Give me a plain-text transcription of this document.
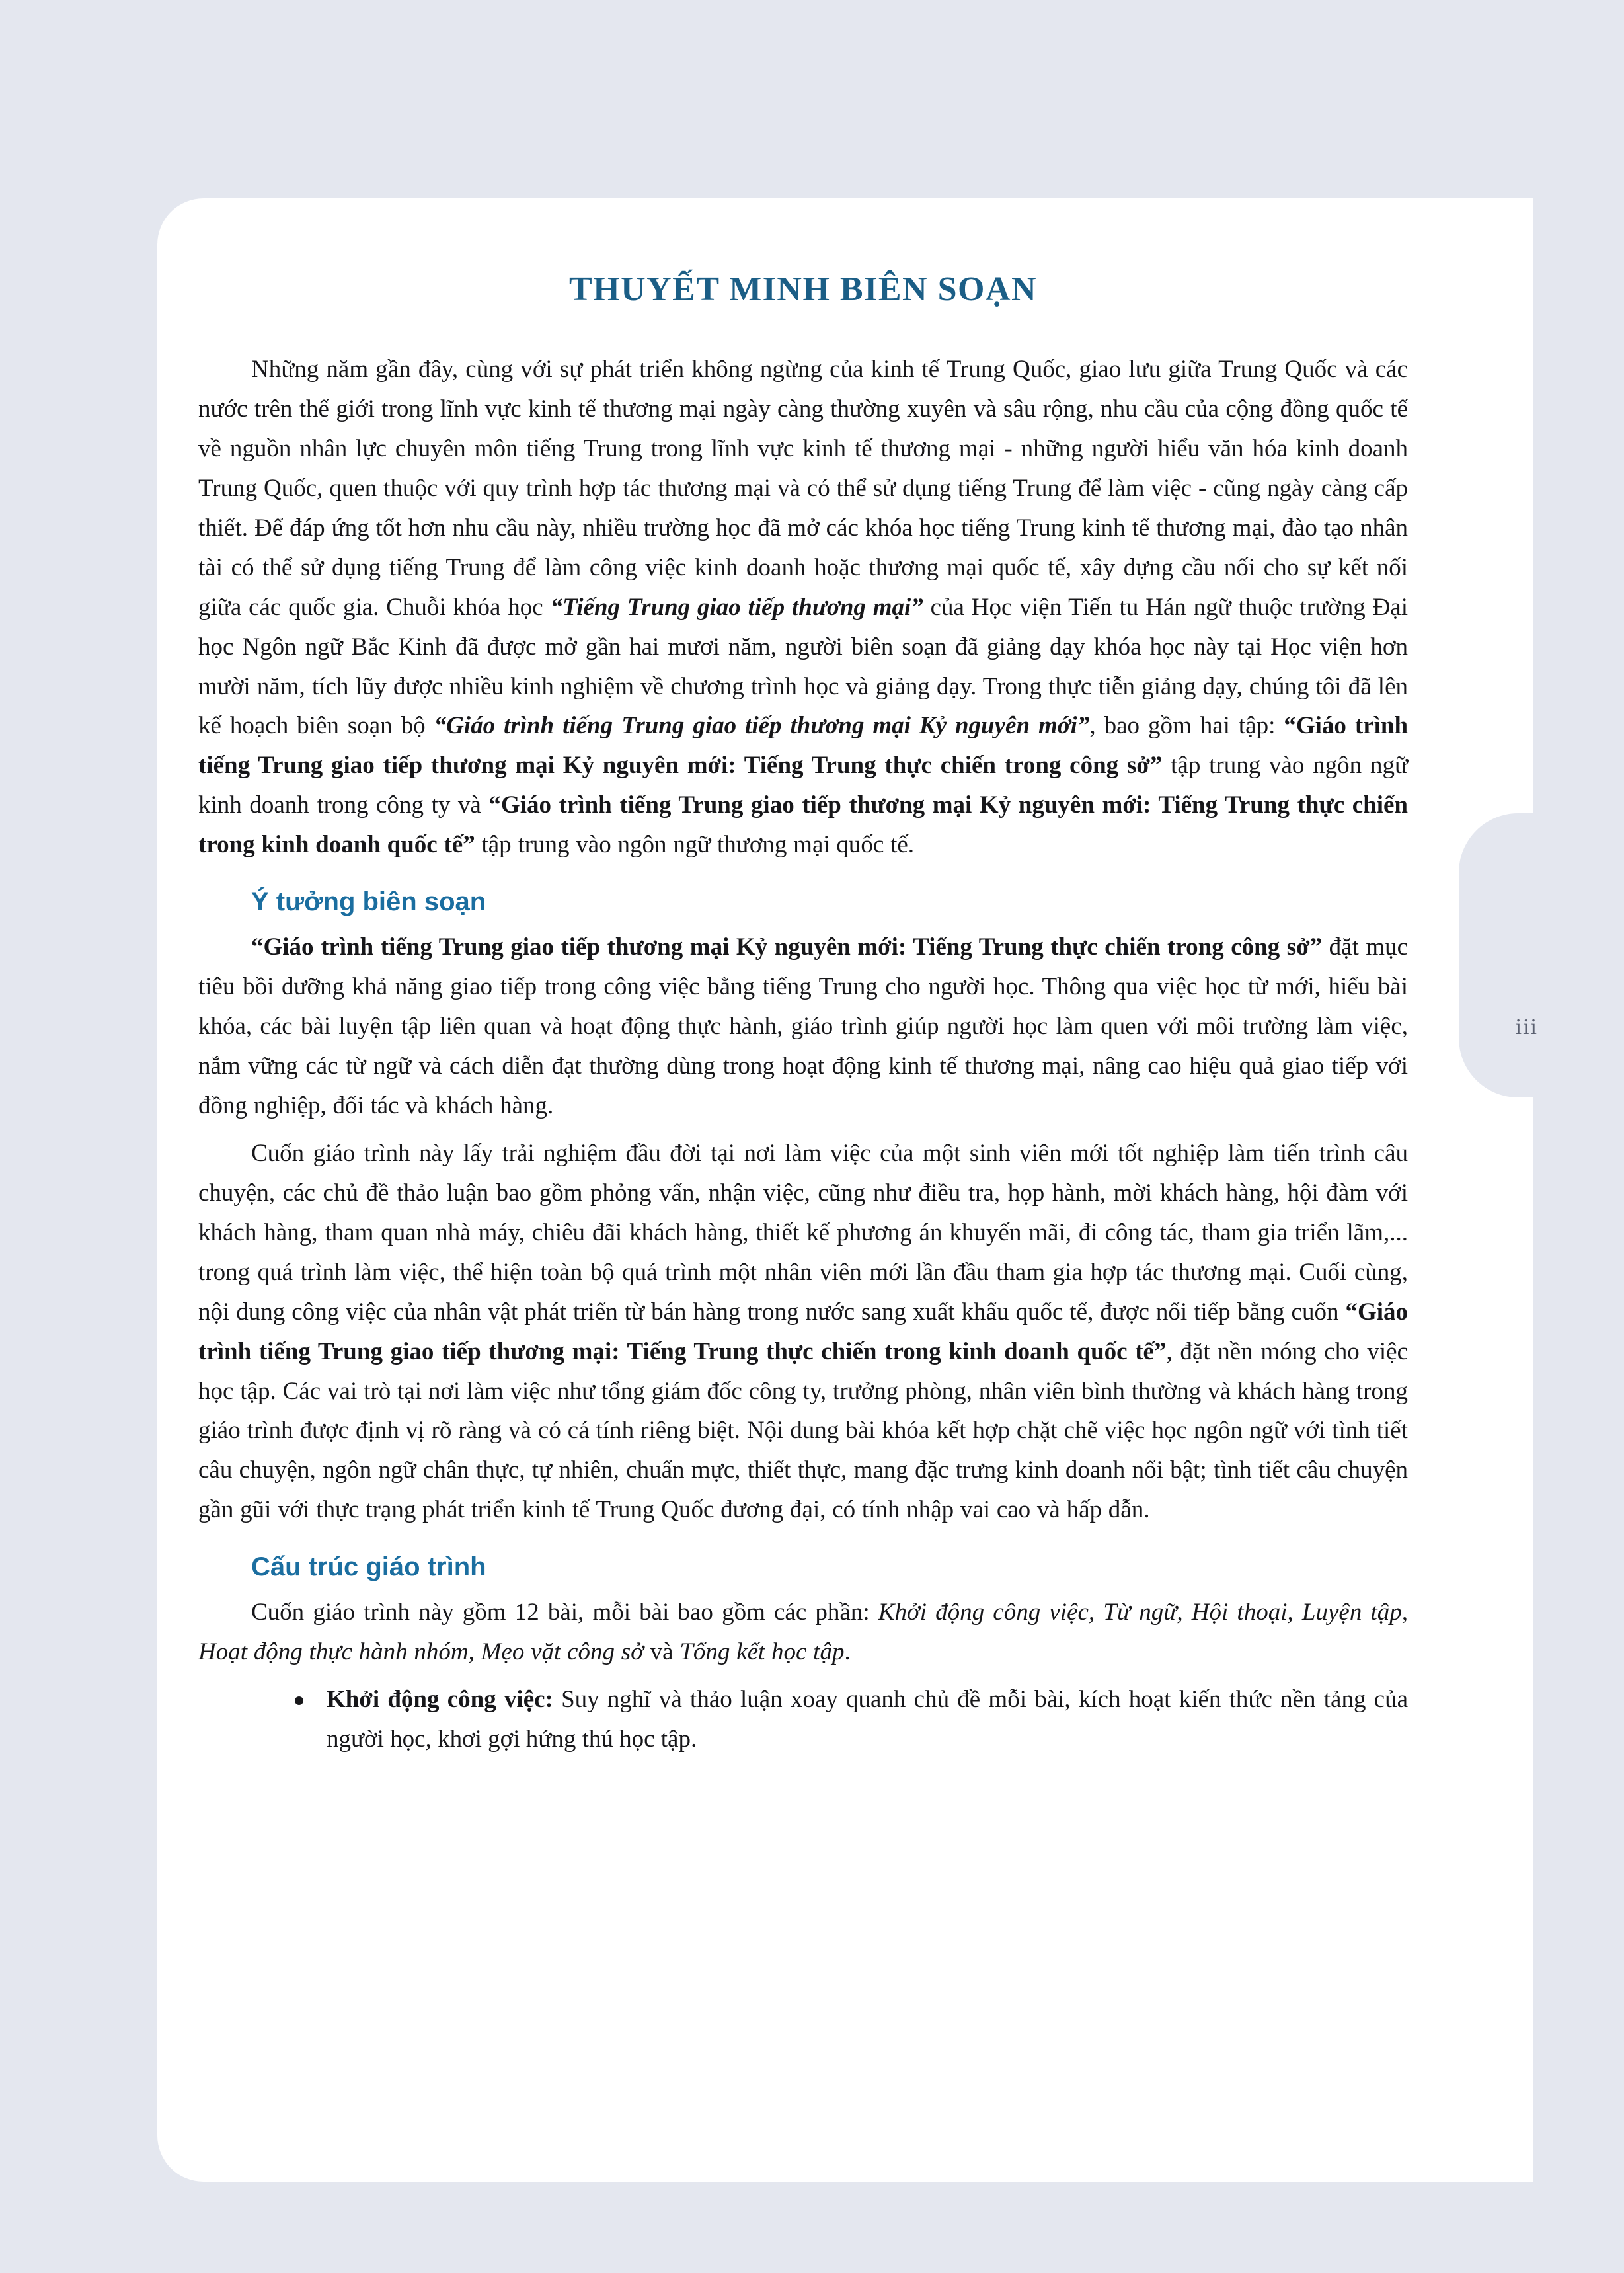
iii
THUYẾT MINH BIÊN SOẠN

Những năm gần đây, cùng với sự phát triển không ngừng của kinh tế Trung Quốc, giao lưu giữa Trung Quốc và các nước trên thế giới trong lĩnh vực kinh tế thương mại ngày càng thường xuyên và sâu rộng, nhu cầu của cộng đồng quốc tế về nguồn nhân lực chuyên môn tiếng Trung trong lĩnh vực kinh tế thương mại - những người hiểu văn hóa kinh doanh Trung Quốc, quen thuộc với quy trình hợp tác thương mại và có thể sử dụng tiếng Trung để làm việc - cũng ngày càng cấp thiết. Để đáp ứng tốt hơn nhu cầu này, nhiều trường học đã mở các khóa học tiếng Trung kinh tế thương mại, đào tạo nhân tài có thể sử dụng tiếng Trung để làm công việc kinh doanh hoặc thương mại quốc tế, xây dựng cầu nối cho sự kết nối giữa các quốc gia. Chuỗi khóa học “Tiếng Trung giao tiếp thương mại” của Học viện Tiến tu Hán ngữ thuộc trường Đại học Ngôn ngữ Bắc Kinh đã được mở gần hai mươi năm, người biên soạn đã giảng dạy khóa học này tại Học viện hơn mười năm, tích lũy được nhiều kinh nghiệm về chương trình học và giảng dạy. Trong thực tiễn giảng dạy, chúng tôi đã lên kế hoạch biên soạn bộ “Giáo trình tiếng Trung giao tiếp thương mại Kỷ nguyên mới”, bao gồm hai tập: “Giáo trình tiếng Trung giao tiếp thương mại Kỷ nguyên mới: Tiếng Trung thực chiến trong công sở” tập trung vào ngôn ngữ kinh doanh trong công ty và “Giáo trình tiếng Trung giao tiếp thương mại Kỷ nguyên mới: Tiếng Trung thực chiến trong kinh doanh quốc tế” tập trung vào ngôn ngữ thương mại quốc tế.

Ý tưởng biên soạn

“Giáo trình tiếng Trung giao tiếp thương mại Kỷ nguyên mới: Tiếng Trung thực chiến trong công sở” đặt mục tiêu bồi dưỡng khả năng giao tiếp trong công việc bằng tiếng Trung cho người học. Thông qua việc học từ mới, hiểu bài khóa, các bài luyện tập liên quan và hoạt động thực hành, giáo trình giúp người học làm quen với môi trường làm việc, nắm vững các từ ngữ và cách diễn đạt thường dùng trong hoạt động kinh tế thương mại, nâng cao hiệu quả giao tiếp với đồng nghiệp, đối tác và khách hàng.

Cuốn giáo trình này lấy trải nghiệm đầu đời tại nơi làm việc của một sinh viên mới tốt nghiệp làm tiến trình câu chuyện, các chủ đề thảo luận bao gồm phỏng vấn, nhận việc, cũng như điều tra, họp hành, mời khách hàng, hội đàm với khách hàng, tham quan nhà máy, chiêu đãi khách hàng, thiết kế phương án khuyến mãi, đi công tác, tham gia triển lãm,... trong quá trình làm việc, thể hiện toàn bộ quá trình một nhân viên mới lần đầu tham gia hợp tác thương mại. Cuối cùng, nội dung công việc của nhân vật phát triển từ bán hàng trong nước sang xuất khẩu quốc tế, được nối tiếp bằng cuốn “Giáo trình tiếng Trung giao tiếp thương mại: Tiếng Trung thực chiến trong kinh doanh quốc tế”, đặt nền móng cho việc học tập. Các vai trò tại nơi làm việc như tổng giám đốc công ty, trưởng phòng, nhân viên bình thường và khách hàng trong giáo trình được định vị rõ ràng và có cá tính riêng biệt. Nội dung bài khóa kết hợp chặt chẽ việc học ngôn ngữ với tình tiết câu chuyện, ngôn ngữ chân thực, tự nhiên, chuẩn mực, thiết thực, mang đặc trưng kinh doanh nổi bật; tình tiết câu chuyện gần gũi với thực trạng phát triển kinh tế Trung Quốc đương đại, có tính nhập vai cao và hấp dẫn.

Cấu trúc giáo trình

Cuốn giáo trình này gồm 12 bài, mỗi bài bao gồm các phần: Khởi động công việc, Từ ngữ, Hội thoại, Luyện tập, Hoạt động thực hành nhóm, Mẹo vặt công sở và Tổng kết học tập.

Khởi động công việc: Suy nghĩ và thảo luận xoay quanh chủ đề mỗi bài, kích hoạt kiến thức nền tảng của người học, khơi gợi hứng thú học tập.
